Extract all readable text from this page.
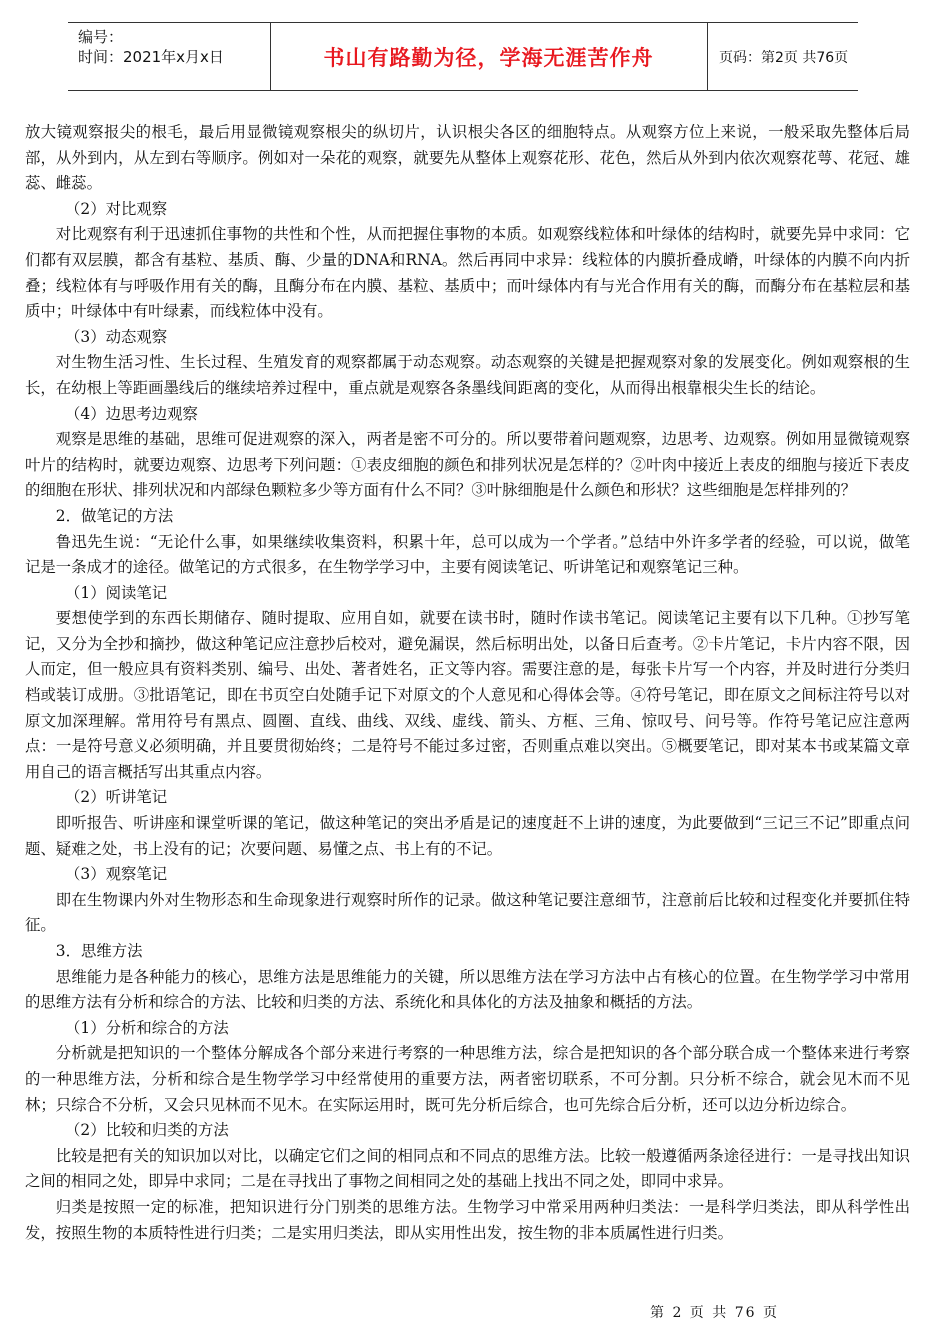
编号：
时间：2021年x月x日	书山有路勤为径，学海无涯苦作舟	页码：第2页 共76页
放大镜观察报尖的根毛，最后用显微镜观察根尖的纵切片，认识根尖各区的细胞特点。从观察方位上来说，一般采取先整体后局部，从外到内，从左到右等顺序。例如对一朵花的观察，就要先从整体上观察花形、花色，然后从外到内依次观察花萼、花冠、雄蕊、雌蕊。
（2）对比观察
对比观察有利于迅速抓住事物的共性和个性，从而把握住事物的本质。如观察线粒体和叶绿体的结构时，就要先异中求同：它们都有双层膜，都含有基粒、基质、酶、少量的DNA和RNA。然后再同中求异：线粒体的内膜折叠成嵴，叶绿体的内膜不向内折叠；线粒体有与呼吸作用有关的酶，且酶分布在内膜、基粒、基质中；而叶绿体内有与光合作用有关的酶，而酶分布在基粒层和基质中；叶绿体中有叶绿素，而线粒体中没有。
（3）动态观察
对生物生活习性、生长过程、生殖发育的观察都属于动态观察。动态观察的关键是把握观察对象的发展变化。例如观察根的生长，在幼根上等距画墨线后的继续培养过程中，重点就是观察各条墨线间距离的变化，从而得出根靠根尖生长的结论。
（4）边思考边观察
观察是思维的基础，思维可促进观察的深入，两者是密不可分的。所以要带着问题观察，边思考、边观察。例如用显微镜观察叶片的结构时，就要边观察、边思考下列问题：①表皮细胞的颜色和排列状况是怎样的？②叶肉中接近上表皮的细胞与接近下表皮的细胞在形状、排列状况和内部绿色颗粒多少等方面有什么不同？③叶脉细胞是什么颜色和形状？这些细胞是怎样排列的？
2．做笔记的方法
鲁迅先生说：“无论什么事，如果继续收集资料，积累十年，总可以成为一个学者。”总结中外许多学者的经验，可以说，做笔记是一条成才的途径。做笔记的方式很多，在生物学学习中，主要有阅读笔记、听讲笔记和观察笔记三种。
（1）阅读笔记
要想使学到的东西长期储存、随时提取、应用自如，就要在读书时，随时作读书笔记。阅读笔记主要有以下几种。①抄写笔记，又分为全抄和摘抄，做这种笔记应注意抄后校对，避免漏误，然后标明出处，以备日后查考。②卡片笔记，卡片内容不限，因人而定，但一般应具有资料类别、编号、出处、著者姓名，正文等内容。需要注意的是，每张卡片写一个内容，并及时进行分类归档或装订成册。③批语笔记，即在书页空白处随手记下对原文的个人意见和心得体会等。④符号笔记，即在原文之间标注符号以对原文加深理解。常用符号有黑点、圆圈、直线、曲线、双线、虚线、箭头、方框、三角、惊叹号、问号等。作符号笔记应注意两点：一是符号意义必须明确，并且要贯彻始终；二是符号不能过多过密，否则重点难以突出。⑤概要笔记，即对某本书或某篇文章用自己的语言概括写出其重点内容。
（2）听讲笔记
即听报告、听讲座和课堂听课的笔记，做这种笔记的突出矛盾是记的速度赶不上讲的速度，为此要做到“三记三不记”即重点问题、疑难之处，书上没有的记；次要问题、易懂之点、书上有的不记。
（3）观察笔记
即在生物课内外对生物形态和生命现象进行观察时所作的记录。做这种笔记要注意细节，注意前后比较和过程变化并要抓住特征。
3．思维方法
思维能力是各种能力的核心，思维方法是思维能力的关键，所以思维方法在学习方法中占有核心的位置。在生物学学习中常用的思维方法有分析和综合的方法、比较和归类的方法、系统化和具体化的方法及抽象和概括的方法。
（1）分析和综合的方法
分析就是把知识的一个整体分解成各个部分来进行考察的一种思维方法，综合是把知识的各个部分联合成一个整体来进行考察的一种思维方法，分析和综合是生物学学习中经常使用的重要方法，两者密切联系，不可分割。只分析不综合，就会见木而不见林；只综合不分析，又会只见林而不见木。在实际运用时，既可先分析后综合，也可先综合后分析，还可以边分析边综合。
（2）比较和归类的方法
比较是把有关的知识加以对比，以确定它们之间的相同点和不同点的思维方法。比较一般遵循两条途径进行：一是寻找出知识之间的相同之处，即异中求同；二是在寻找出了事物之间相同之处的基础上找出不同之处，即同中求异。
归类是按照一定的标准，把知识进行分门别类的思维方法。生物学习中常采用两种归类法：一是科学归类法，即从科学性出发，按照生物的本质特性进行归类；二是实用归类法，即从实用性出发，按生物的非本质属性进行归类。
第 2 页 共 76 页
